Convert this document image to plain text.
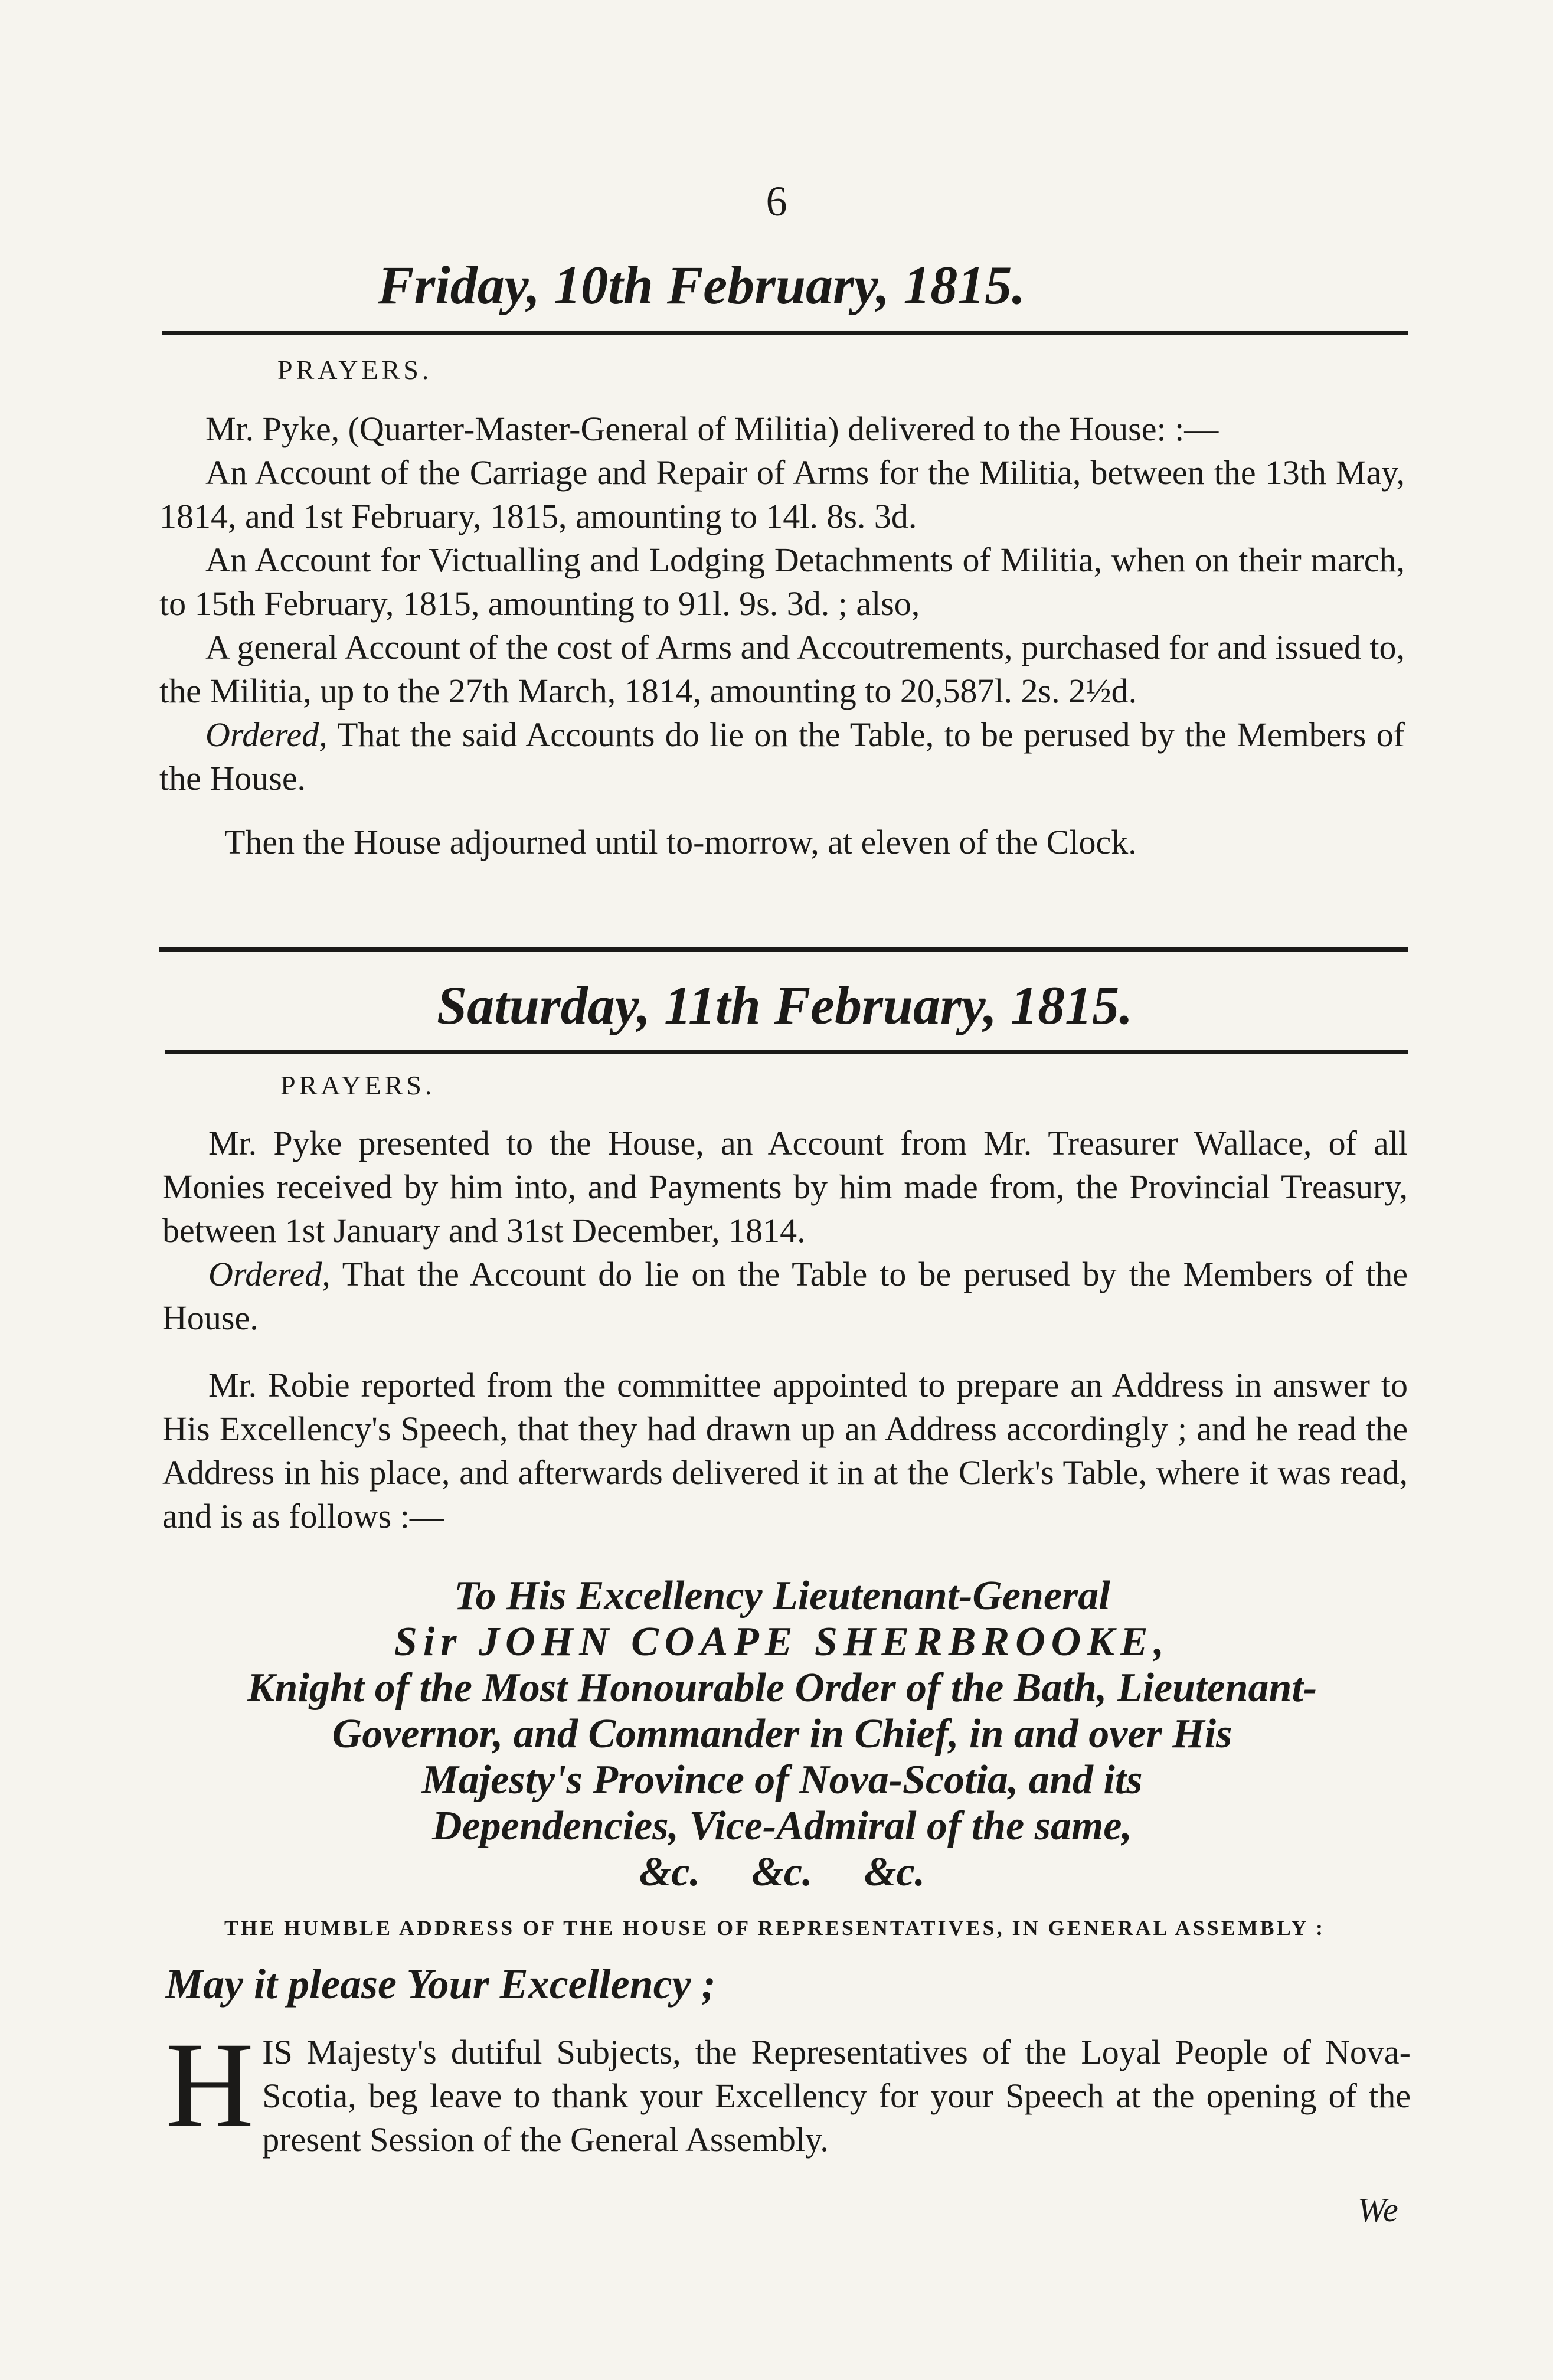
6
Friday, 10th February, 1815.
PRAYERS.

Mr. Pyke, (Quarter-Master-General of Militia) delivered to the House: :—

An Account of the Carriage and Repair of Arms for the Militia, between the 13th May, 1814, and 1st February, 1815, amounting to 14l. 8s. 3d.

An Account for Victualling and Lodging Detachments of Militia, when on their march, to 15th February, 1815, amounting to 91l. 9s. 3d. ; also,

A general Account of the cost of Arms and Accoutrements, purchased for and issued to, the Militia, up to the 27th March, 1814, amounting to 20,587l. 2s. 2½d.

Ordered, That the said Accounts do lie on the Table, to be perused by the Members of the House.

Then the House adjourned until to-morrow, at eleven of the Clock.

Saturday, 11th February, 1815.
PRAYERS.

Mr. Pyke presented to the House, an Account from Mr. Treasurer Wallace, of all Monies received by him into, and Payments by him made from, the Provincial Treasury, between 1st January and 31st December, 1814.

Ordered, That the Account do lie on the Table to be perused by the Members of the House.

Mr. Robie reported from the committee appointed to prepare an Address in answer to His Excellency's Speech, that they had drawn up an Address accordingly ; and he read the Address in his place, and afterwards delivered it in at the Clerk's Table, where it was read, and is as follows :—

To His Excellency Lieutenant-General
Sir JOHN COAPE SHERBROOKE,
Knight of the Most Honourable Order of the Bath, Lieutenant-
Governor, and Commander in Chief, in and over His
Majesty's Province of Nova-Scotia, and its
Dependencies, Vice-Admiral of the same,
&c.     &c.     &c.
THE HUMBLE ADDRESS OF THE HOUSE OF REPRESENTATIVES, IN GENERAL ASSEMBLY :
May it please Your Excellency ;
H IS Majesty's dutiful Subjects, the Representatives of the Loyal People of Nova-Scotia, beg leave to thank your Excellency for your Speech at the opening of the present Session of the General Assembly.
We
